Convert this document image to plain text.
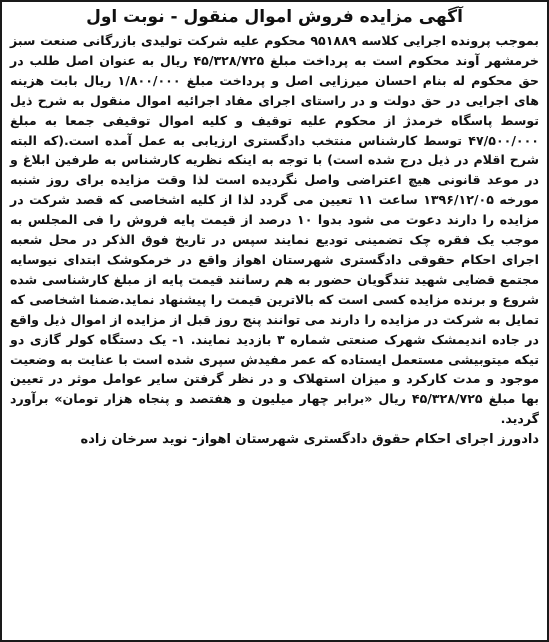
آگهی مزایده فروش اموال منقول - نوبت اول

بموجب پرونده اجرایی کلاسه ۹۵۱۸۸۹ محکوم علیه شرکت تولیدی بازرگانی صنعت سبز خرمشهر آوند محکوم است به پرداخت مبلغ ۴۵/۳۲۸/۷۲۵ ریال به عنوان اصل طلب در حق محکوم له بنام احسان میرزایی اصل و پرداخت مبلغ ۱/۸۰۰/۰۰۰ ریال بابت هزینه های اجرایی در حق دولت و در راستای اجرای مفاد اجرائیه اموال منقول به شرح ذیل توسط پاسگاه خرمدژ از محکوم علیه توقیف و کلیه اموال توقیفی جمعا به مبلغ ۴۷/۵۰۰/۰۰۰ توسط کارشناس منتخب دادگستری ارزیابی به عمل آمده است.(که البته شرح اقلام در ذیل درج شده است) با توجه به اینکه نظریه کارشناس به طرفین ابلاغ و در موعد قانونی هیچ اعتراضی واصل نگردیده است لذا وقت مزایده برای روز شنبه مورخه ۱۳۹۶/۱۲/۰۵ ساعت ۱۱ تعیین می گردد لذا از کلیه اشخاصی که قصد شرکت در مزایده را دارند دعوت می شود بدوا ۱۰ درصد از قیمت پایه فروش را فی المجلس به موجب یک فقره چک تضمینی تودیع نمایند سپس در تاریخ فوق الذکر در محل شعبه اجرای احکام حقوقی دادگستری شهرستان اهواز واقع در خرمکوشک ابتدای نیوسایه مجتمع قضایی شهید تندگویان حضور به هم رسانند قیمت پایه از مبلغ کارشناسی شده شروع و برنده مزایده کسی است که بالاترین قیمت را پیشنهاد نماید.ضمنا اشخاصی که تمایل به شرکت در مزایده را دارند می توانند پنج روز قبل از مزایده از اموال ذیل واقع در جاده اندیمشک شهرک صنعتی شماره ۳ بازدید نمایند. ۱- یک دستگاه کولر گازی دو تیکه میتوبیشی مستعمل ایستاده که عمر مفیدش سپری شده است با عنایت به وضعیت موجود و مدت کارکرد و میزان استهلاک و در نظر گرفتن سایر عوامل موثر در تعیین بها مبلغ ۴۵/۳۲۸/۷۲۵ ریال «برابر چهار میلیون و هفتصد و پنجاه هزار تومان» برآورد گردید.

دادورز اجرای احکام حقوق دادگستری شهرستان اهواز- نوید سرخان زاده
